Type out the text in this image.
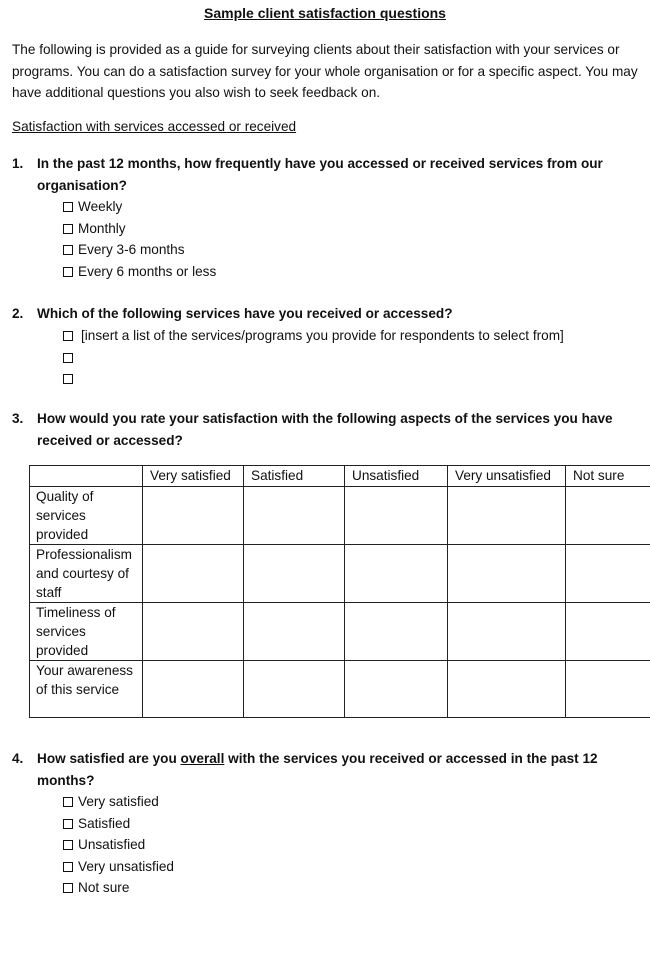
Sample client satisfaction questions
The following is provided as a guide for surveying clients about their satisfaction with your services or programs. You can do a satisfaction survey for your whole organisation or for a specific aspect. You may have additional questions you also wish to seek feedback on.
Satisfaction with services accessed or received
1. In the past 12 months, how frequently have you accessed or received services from our organisation?
Weekly
Monthly
Every 3-6 months
Every 6 months or less
2. Which of the following services have you received or accessed?
[insert a list of the services/programs you provide for respondents to select from]
3. How would you rate your satisfaction with the following aspects of the services you have received or accessed?
	Very satisfied	Satisfied	Unsatisfied	Very unsatisfied	Not sure
Quality of services provided					
Professionalism and courtesy of staff					
Timeliness of services provided					
Your awareness of this service					
4. How satisfied are you overall with the services you received or accessed in the past 12 months?
Very satisfied
Satisfied
Unsatisfied
Very unsatisfied
Not sure
